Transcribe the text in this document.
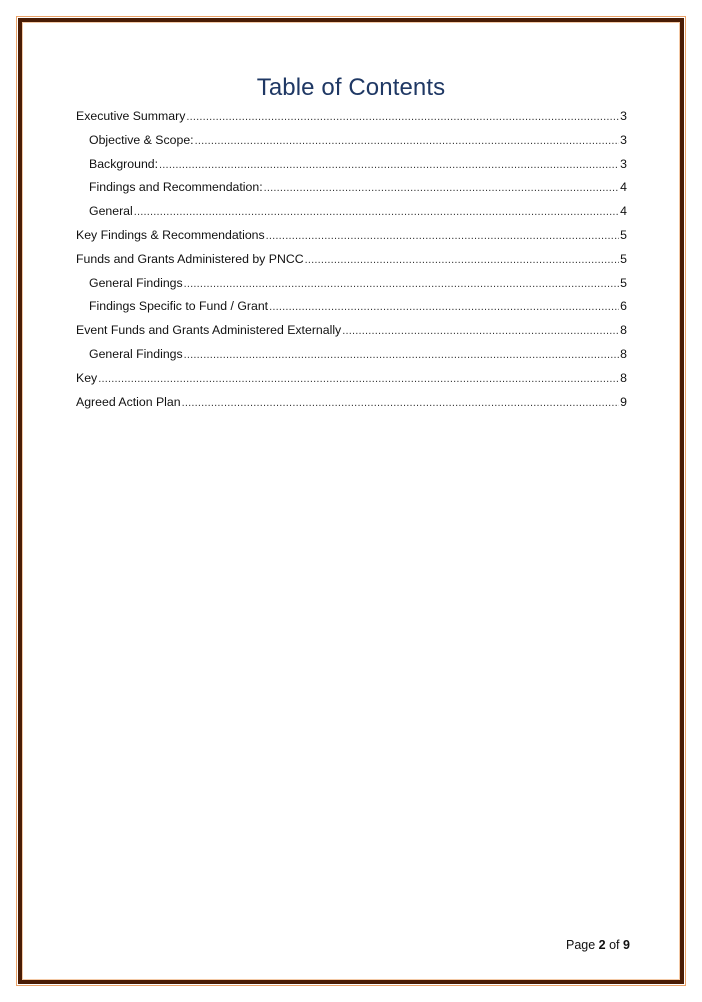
Table of Contents
Executive Summary .....	3
Objective & Scope: .....	3
Background: .....	3
Findings and Recommendation: .....	4
General .....	4
Key Findings & Recommendations .....	5
Funds and Grants Administered by PNCC .....	5
General Findings .....	5
Findings Specific to Fund / Grant .....	6
Event Funds and Grants Administered Externally .....	8
General Findings .....	8
Key .....	8
Agreed Action Plan .....	9
Page 2 of 9
